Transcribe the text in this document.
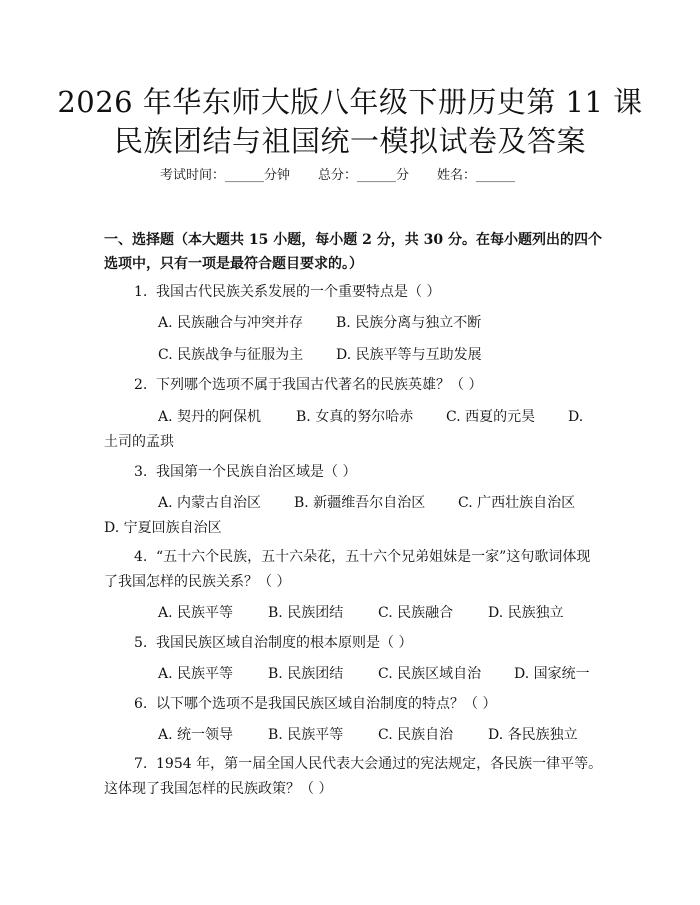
2026 年华东师大版八年级下册历史第 11 课
民族团结与祖国统一模拟试卷及答案
考试时间：______分钟 总分：______分 姓名：______
一、选择题（本大题共 15 小题，每小题 2 分，共 30 分。在每小题列出的四个选项中，只有一项是最符合题目要求的。）
1. 我国古代民族关系发展的一个重要特点是（ ）
A. 民族融合与冲突并存 B. 民族分离与独立不断
C. 民族战争与征服为主 D. 民族平等与互助发展
2. 下列哪个选项不属于我国古代著名的民族英雄？（ ）
A. 契丹的阿保机 B. 女真的努尔哈赤 C. 西夏的元昊 D.
土司的孟珙
3. 我国第一个民族自治区域是（ ）
A. 内蒙古自治区 B. 新疆维吾尔自治区 C. 广西壮族自治区
D. 宁夏回族自治区
4. “五十六个民族，五十六朵花，五十六个兄弟姐妹是一家”这句歌词体现
了我国怎样的民族关系？（ ）
A. 民族平等 B. 民族团结 C. 民族融合 D. 民族独立
5. 我国民族区域自治制度的根本原则是（ ）
A. 民族平等 B. 民族团结 C. 民族区域自治 D. 国家统一
6. 以下哪个选项不是我国民族区域自治制度的特点？（ ）
A. 统一领导 B. 民族平等 C. 民族自治 D. 各民族独立
7. 1954 年，第一届全国人民代表大会通过的宪法规定，各民族一律平等。
这体现了我国怎样的民族政策？（ ）
